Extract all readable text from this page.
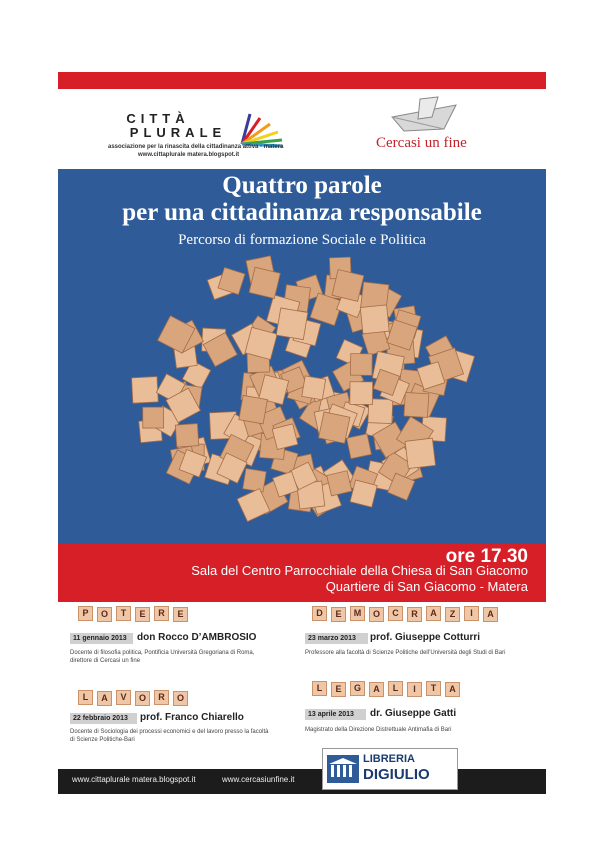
CITTÀ
PLURALE
associazione per la rinascita della cittadinanza attiva - matera
www.cittaplurale matera.blogspot.it
Cercasi un fine
Quattro parole
per una cittadinanza responsabile
Percorso di formazione Sociale e Politica
ore 17.30
Sala del Centro Parrocchiale della Chiesa di San Giacomo
Quartiere di San Giacomo - Matera
P	O	T	E	R	E
11 gennaio 2013	don Rocco D’AMBROSIO
Docente di filosofia politica, Pontificia Università Gregoriana di Roma,
direttore di Cercasi un fine
D	E	M	O	C	R	A	Z	I	A
23 marzo 2013	prof. Giuseppe Cotturri
Professore alla facoltà di Scienze Politiche dell’Università degli Studi di Bari
L	A	V	O	R	O
22 febbraio 2013	prof. Franco Chiarello
Docente di Sociologia dei processi economici e del lavoro presso la facoltà
di Scienze Politiche-Bari
L	E	G	A	L	I	T	A
13 aprile 2013	dr. Giuseppe Gatti
Magistrato della Direzione Distrettuale Antimafia di Bari
www.cittaplurale matera.blogspot.it	www.cercasiunfine.it
LIBRERIA
DIGIULIO
